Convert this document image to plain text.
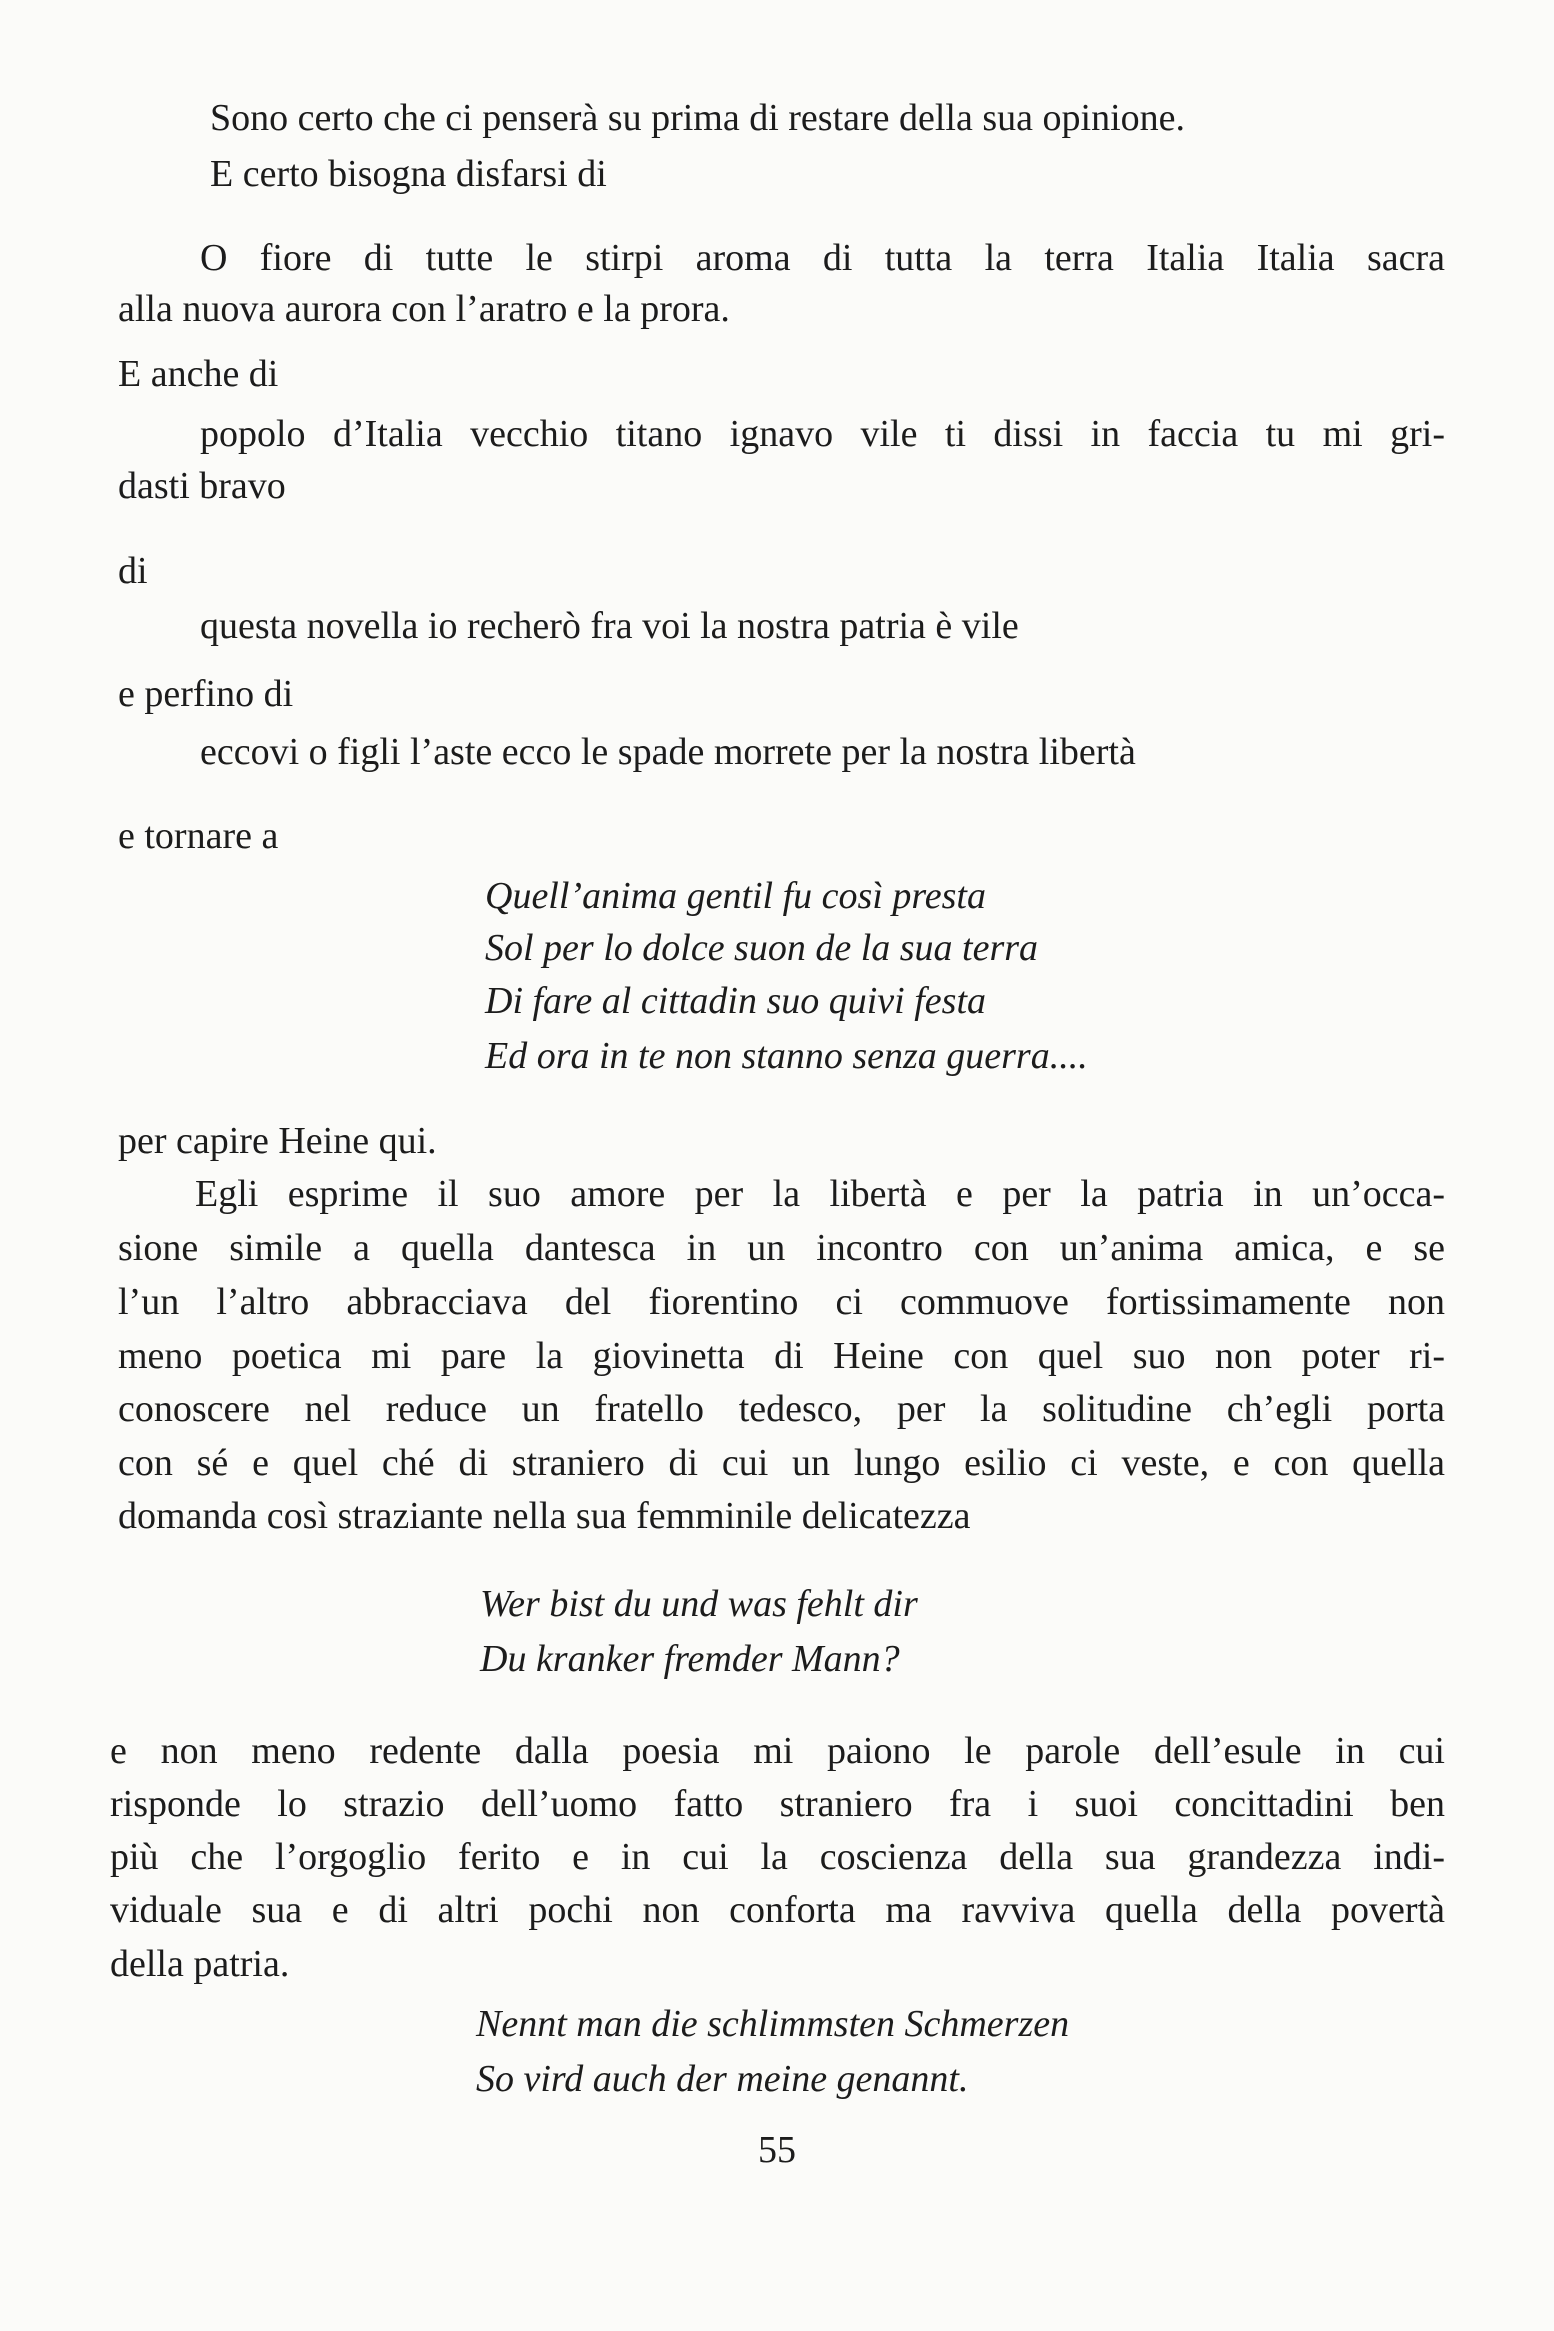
Sono certo che ci penserà su prima di restare della sua opinione.

E certo bisogna disfarsi di

O fiore di tutte le stirpi aroma di tutta la terra Italia Italia sacra

alla nuova aurora con l’aratro e la prora.

E anche di

popolo d’Italia vecchio titano ignavo vile ti dissi in faccia tu mi gri-

dasti bravo

di

questa novella io recherò fra voi la nostra patria è vile

e perfino di

eccovi o figli l’aste ecco le spade morrete per la nostra libertà

e tornare a

Quell’anima gentil fu così presta

Sol per lo dolce suon de la sua terra

Di fare al cittadin suo quivi festa

Ed ora in te non stanno senza guerra....

per capire Heine qui.

Egli esprime il suo amore per la libertà e per la patria in un’occa-

sione simile a quella dantesca in un incontro con un’anima amica, e se

l’un l’altro abbracciava del fiorentino ci commuove fortissimamente non

meno poetica mi pare la giovinetta di Heine con quel suo non poter ri-

conoscere nel reduce un fratello tedesco, per la solitudine ch’egli porta

con sé e quel ché di straniero di cui un lungo esilio ci veste, e con quella

domanda così straziante nella sua femminile delicatezza

Wer bist du und was fehlt dir

Du kranker fremder Mann?

e non meno redente dalla poesia mi paiono le parole dell’esule in cui

risponde lo strazio dell’uomo fatto straniero fra i suoi concittadini ben

più che l’orgoglio ferito e in cui la coscienza della sua grandezza indi-

viduale sua e di altri pochi non conforta ma ravviva quella della povertà

della patria.

Nennt man die schlimmsten Schmerzen

So vird auch der meine genannt.

55
